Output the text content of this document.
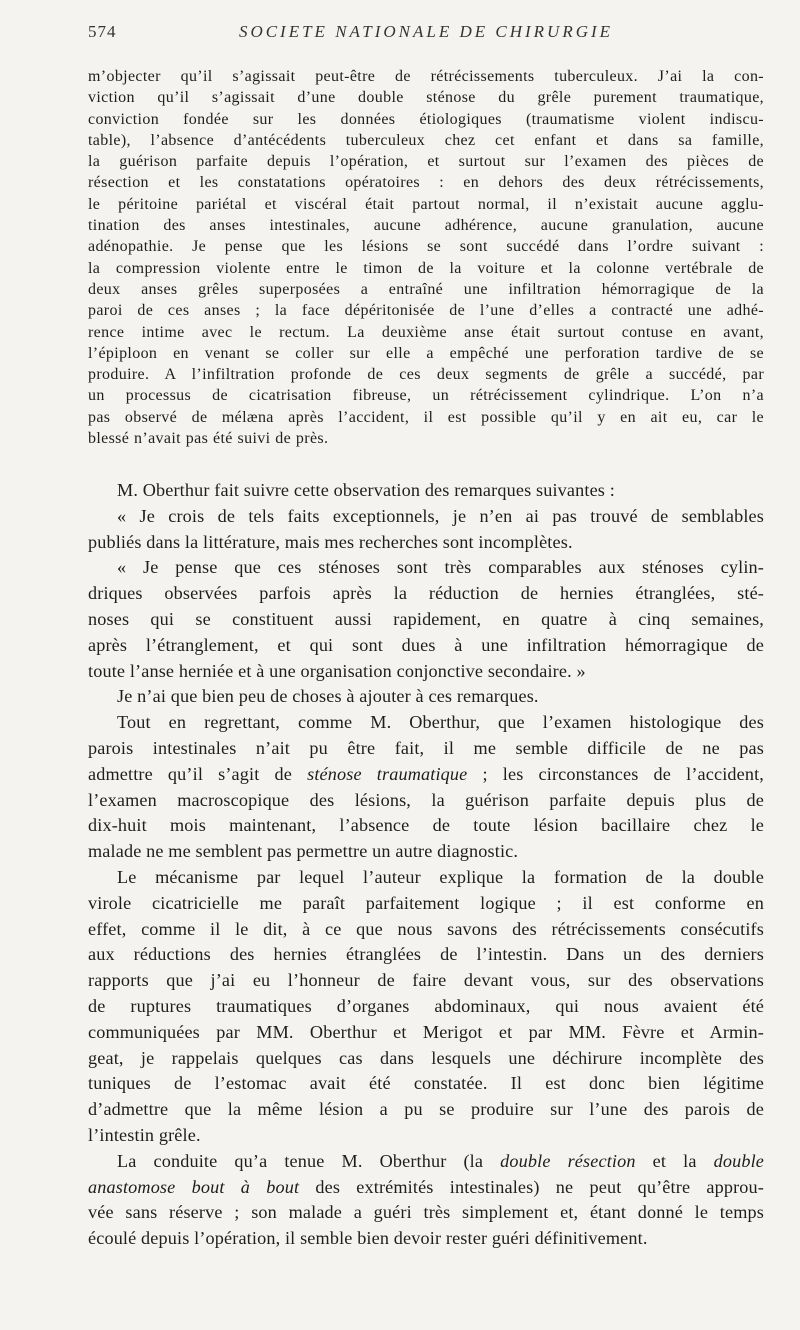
574	SOCIETE NATIONALE DE CHIRURGIE
m’objecter qu’il s’agissait peut-être de rétrécissements tuberculeux. J’ai la con-
viction qu’il s’agissait d’une double sténose du grêle purement traumatique,
conviction fondée sur les données étiologiques (traumatisme violent indiscu-
table), l’absence d’antécédents tuberculeux chez cet enfant et dans sa famille,
la guérison parfaite depuis l’opération, et surtout sur l’examen des pièces de
résection et les constatations opératoires : en dehors des deux rétrécissements,
le péritoine pariétal et viscéral était partout normal, il n’existait aucune agglu-
tination des anses intestinales, aucune adhérence, aucune granulation, aucune
adénopathie. Je pense que les lésions se sont succédé dans l’ordre suivant :
la compression violente entre le timon de la voiture et la colonne vertébrale de
deux anses grêles superposées a entraîné une infiltration hémorragique de la
paroi de ces anses ; la face dépéritonisée de l’une d’elles a contracté une adhé-
rence intime avec le rectum. La deuxième anse était surtout contuse en avant,
l’épiploon en venant se coller sur elle a empêché une perforation tardive de se
produire. A l’infiltration profonde de ces deux segments de grêle a succédé, par
un processus de cicatrisation fibreuse, un rétrécissement cylindrique. L’on n’a
pas observé de mélæna après l’accident, il est possible qu’il y en ait eu, car le
blessé n’avait pas été suivi de près.
M. Oberthur fait suivre cette observation des remarques suivantes :
« Je crois de tels faits exceptionnels, je n’en ai pas trouvé de semblables
publiés dans la littérature, mais mes recherches sont incomplètes.
« Je pense que ces sténoses sont très comparables aux sténoses cylin-
driques observées parfois après la réduction de hernies étranglées, sté-
noses qui se constituent aussi rapidement, en quatre à cinq semaines,
après l’étranglement, et qui sont dues à une infiltration hémorragique de
toute l’anse herniée et à une organisation conjonctive secondaire. »
Je n’ai que bien peu de choses à ajouter à ces remarques.
Tout en regrettant, comme M. Oberthur, que l’examen histologique des
parois intestinales n’ait pu être fait, il me semble difficile de ne pas
admettre qu’il s’agit de sténose traumatique ; les circonstances de l’accident,
l’examen macroscopique des lésions, la guérison parfaite depuis plus de
dix-huit mois maintenant, l’absence de toute lésion bacillaire chez le
malade ne me semblent pas permettre un autre diagnostic.
Le mécanisme par lequel l’auteur explique la formation de la double
virole cicatricielle me paraît parfaitement logique ; il est conforme en
effet, comme il le dit, à ce que nous savons des rétrécissements consécutifs
aux réductions des hernies étranglées de l’intestin. Dans un des derniers
rapports que j’ai eu l’honneur de faire devant vous, sur des observations
de ruptures traumatiques d’organes abdominaux, qui nous avaient été
communiquées par MM. Oberthur et Merigot et par MM. Fèvre et Armin-
geat, je rappelais quelques cas dans lesquels une déchirure incomplète des
tuniques de l’estomac avait été constatée. Il est donc bien légitime
d’admettre que la même lésion a pu se produire sur l’une des parois de
l’intestin grêle.
La conduite qu’a tenue M. Oberthur (la double résection et la double
anastomose bout à bout des extrémités intestinales) ne peut qu’être approu-
vée sans réserve ; son malade a guéri très simplement et, étant donné le temps
écoulé depuis l’opération, il semble bien devoir rester guéri définitivement.
